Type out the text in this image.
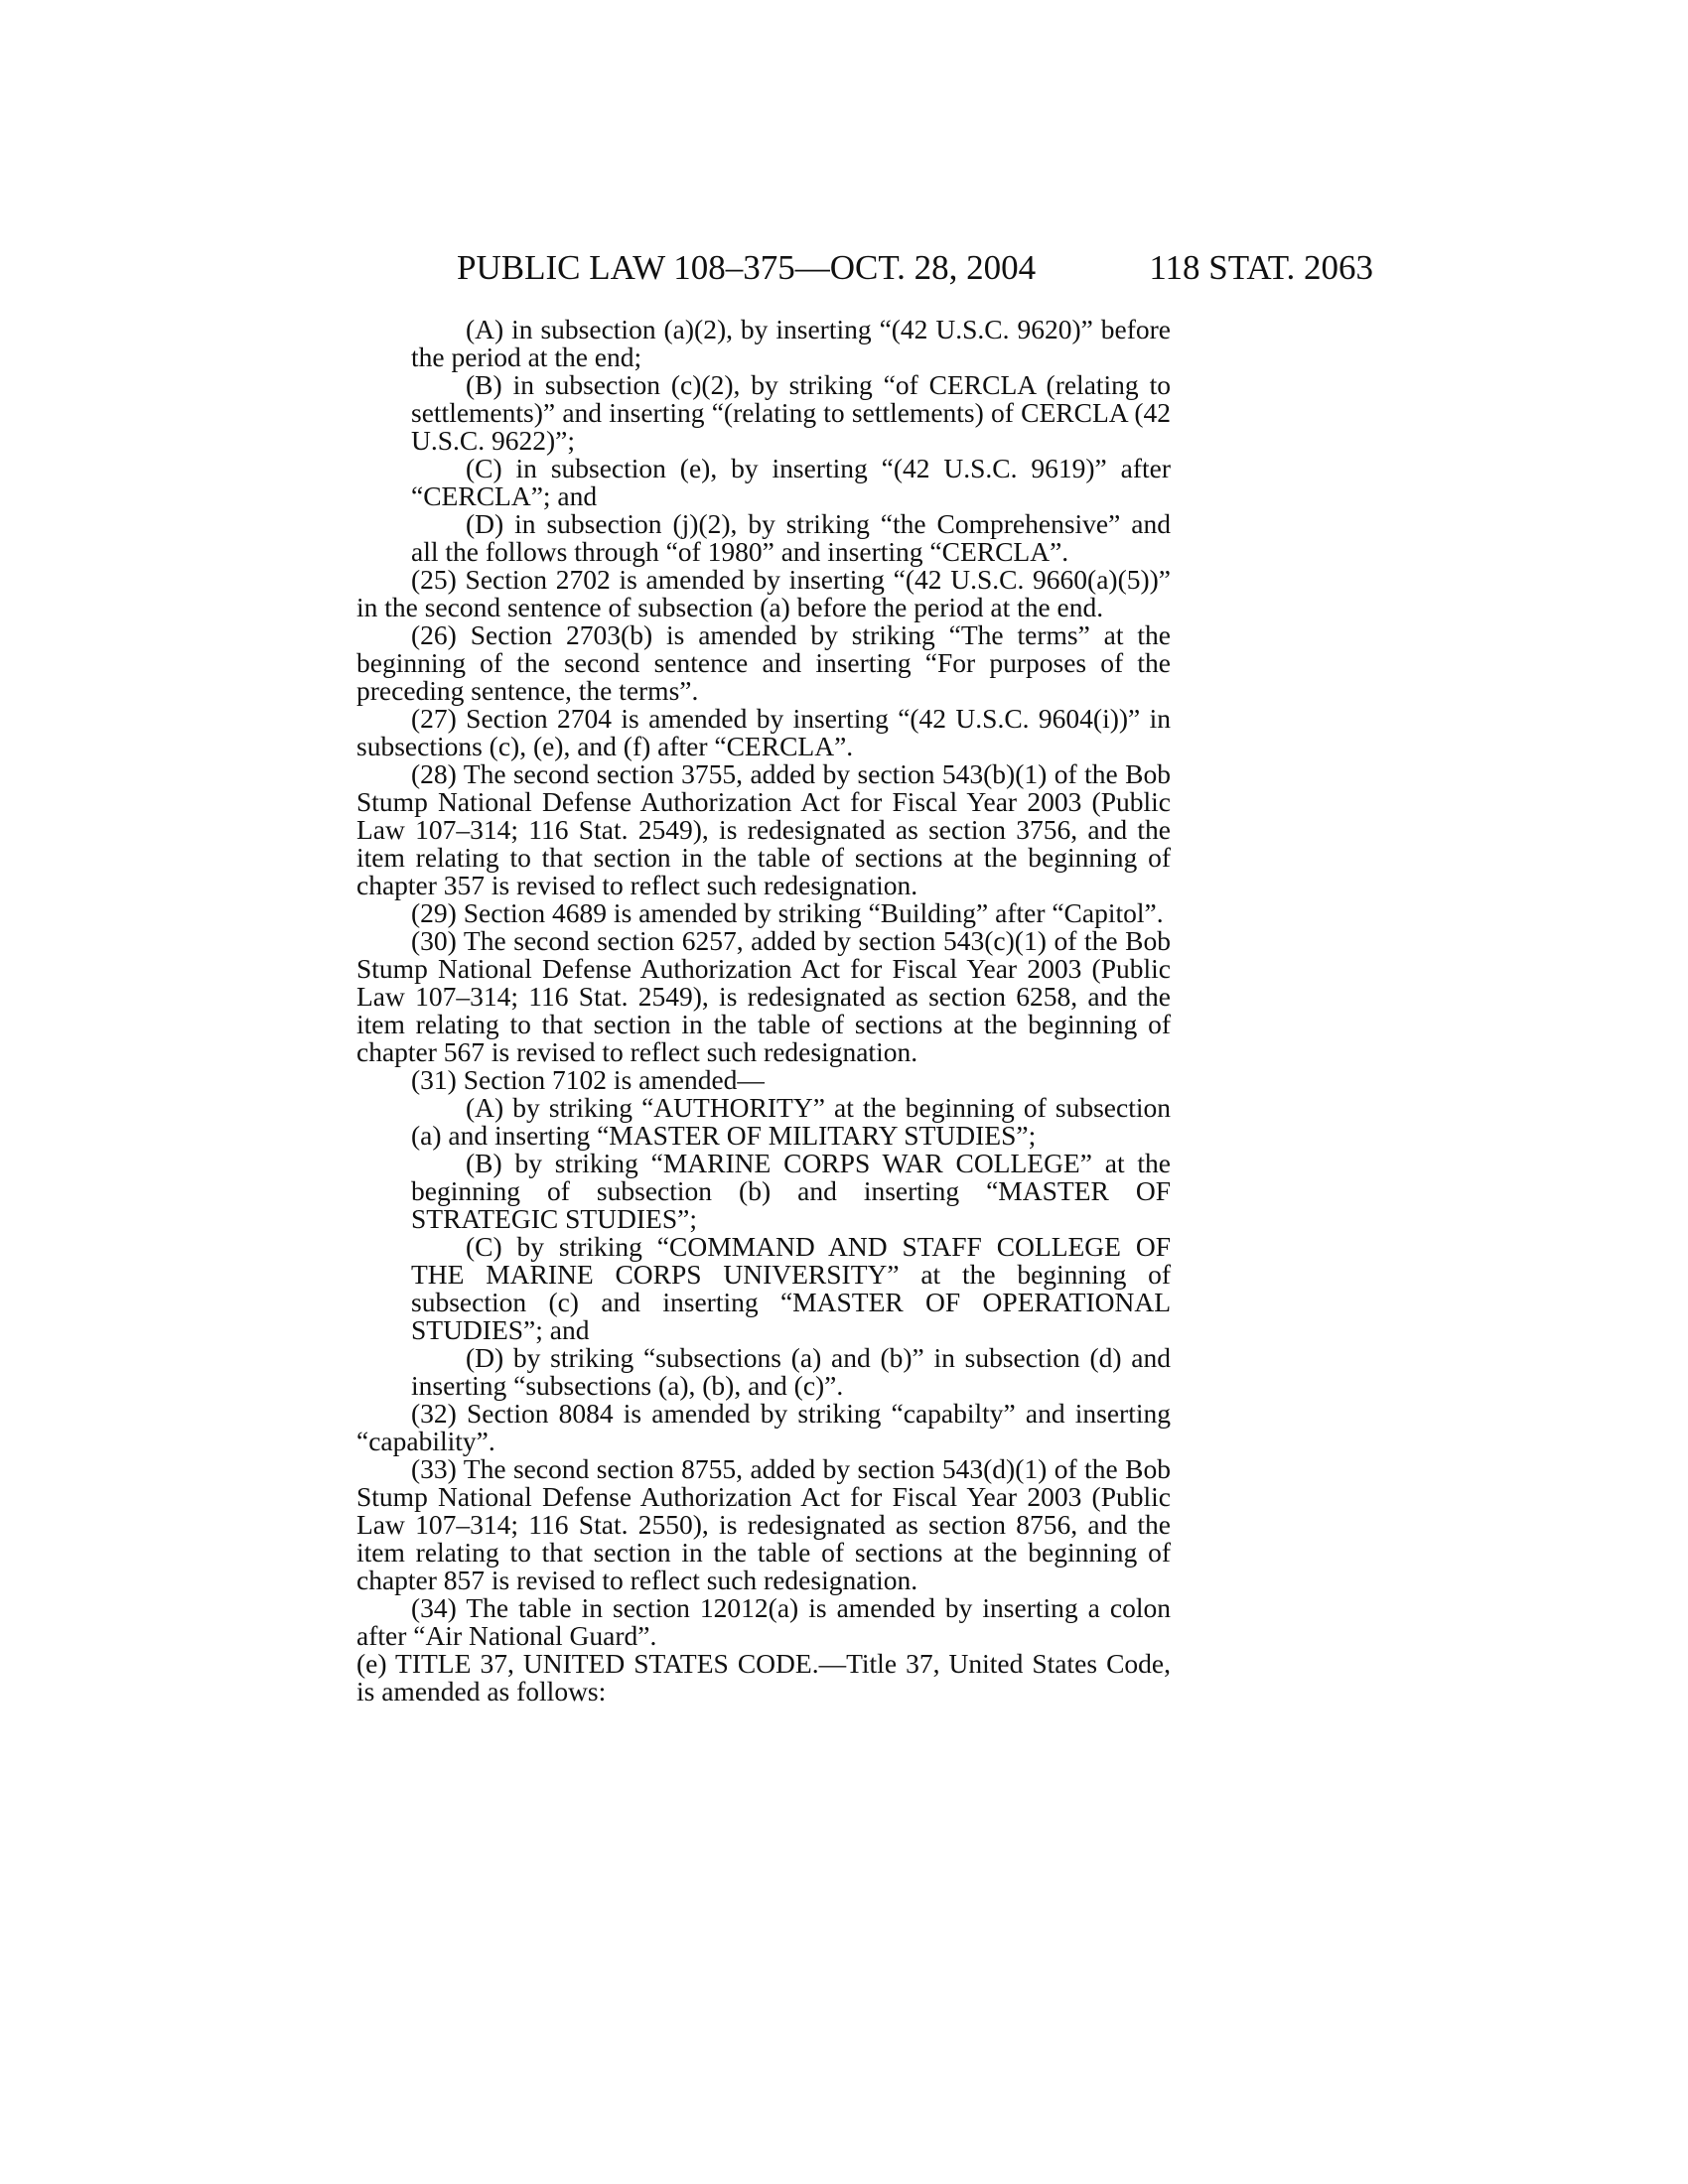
PUBLIC LAW 108–375—OCT. 28, 2004	118 STAT. 2063

(A) in subsection (a)(2), by inserting “(42 U.S.C. 9620)” before the period at the end;

(B) in subsection (c)(2), by striking “of CERCLA (relating to settlements)” and inserting “(relating to settlements) of CERCLA (42 U.S.C. 9622)”;

(C) in subsection (e), by inserting “(42 U.S.C. 9619)” after “CERCLA”; and

(D) in subsection (j)(2), by striking “the Comprehensive” and all the follows through “of 1980” and inserting “CERCLA”.

(25) Section 2702 is amended by inserting “(42 U.S.C. 9660(a)(5))” in the second sentence of subsection (a) before the period at the end.

(26) Section 2703(b) is amended by striking “The terms” at the beginning of the second sentence and inserting “For purposes of the preceding sentence, the terms”.

(27) Section 2704 is amended by inserting “(42 U.S.C. 9604(i))” in subsections (c), (e), and (f) after “CERCLA”.

(28) The second section 3755, added by section 543(b)(1) of the Bob Stump National Defense Authorization Act for Fiscal Year 2003 (Public Law 107–314; 116 Stat. 2549), is redesignated as section 3756, and the item relating to that section in the table of sections at the beginning of chapter 357 is revised to reflect such redesignation.

(29) Section 4689 is amended by striking “Building” after “Capitol”.

(30) The second section 6257, added by section 543(c)(1) of the Bob Stump National Defense Authorization Act for Fiscal Year 2003 (Public Law 107–314; 116 Stat. 2549), is redesignated as section 6258, and the item relating to that section in the table of sections at the beginning of chapter 567 is revised to reflect such redesignation.

(31) Section 7102 is amended—

(A) by striking “AUTHORITY” at the beginning of subsection (a) and inserting “MASTER OF MILITARY STUDIES”;

(B) by striking “MARINE CORPS WAR COLLEGE” at the beginning of subsection (b) and inserting “MASTER OF STRATEGIC STUDIES”;

(C) by striking “COMMAND AND STAFF COLLEGE OF THE MARINE CORPS UNIVERSITY” at the beginning of subsection (c) and inserting “MASTER OF OPERATIONAL STUDIES”; and

(D) by striking “subsections (a) and (b)” in subsection (d) and inserting “subsections (a), (b), and (c)”.

(32) Section 8084 is amended by striking “capabilty” and inserting “capability”.

(33) The second section 8755, added by section 543(d)(1) of the Bob Stump National Defense Authorization Act for Fiscal Year 2003 (Public Law 107–314; 116 Stat. 2550), is redesignated as section 8756, and the item relating to that section in the table of sections at the beginning of chapter 857 is revised to reflect such redesignation.

(34) The table in section 12012(a) is amended by inserting a colon after “Air National Guard”.

(e) TITLE 37, UNITED STATES CODE.—Title 37, United States Code, is amended as follows:
